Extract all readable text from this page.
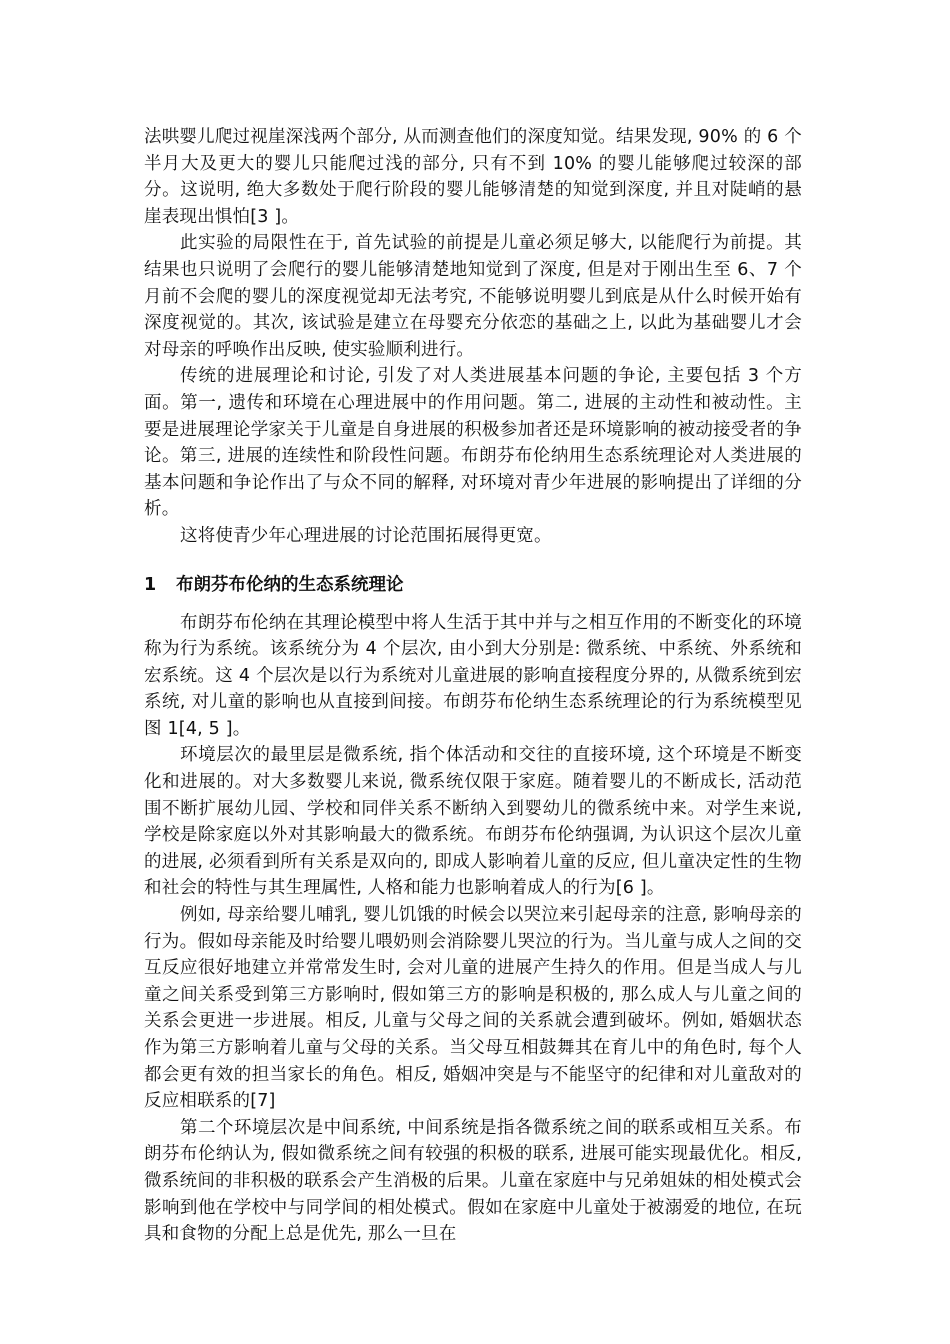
法哄婴儿爬过视崖深浅两个部分, 从而测查他们的深度知觉。结果发现, 90% 的 6 个半月大及更大的婴儿只能爬过浅的部分, 只有不到 10% 的婴儿能够爬过较深的部分。这说明, 绝大多数处于爬行阶段的婴儿能够清楚的知觉到深度, 并且对陡峭的悬崖表现出惧怕[3 ]。

此实验的局限性在于, 首先试验的前提是儿童必须足够大, 以能爬行为前提。其结果也只说明了会爬行的婴儿能够清楚地知觉到了深度, 但是对于刚出生至 6、7 个月前不会爬的婴儿的深度视觉却无法考究, 不能够说明婴儿到底是从什么时候开始有深度视觉的。其次, 该试验是建立在母婴充分依恋的基础之上, 以此为基础婴儿才会对母亲的呼唤作出反映, 使实验顺利进行。

传统的进展理论和讨论, 引发了对人类进展基本问题的争论, 主要包括 3 个方面。第一, 遗传和环境在心理进展中的作用问题。第二, 进展的主动性和被动性。主要是进展理论学家关于儿童是自身进展的积极参加者还是环境影响的被动接受者的争论。第三, 进展的连续性和阶段性问题。布朗芬布伦纳用生态系统理论对人类进展的基本问题和争论作出了与众不同的解释, 对环境对青少年进展的影响提出了详细的分析。

这将使青少年心理进展的讨论范围拓展得更宽。

1 布朗芬布伦纳的生态系统理论

布朗芬布伦纳在其理论模型中将人生活于其中并与之相互作用的不断变化的环境称为行为系统。该系统分为 4 个层次, 由小到大分别是: 微系统、中系统、外系统和宏系统。这 4 个层次是以行为系统对儿童进展的影响直接程度分界的, 从微系统到宏系统, 对儿童的影响也从直接到间接。布朗芬布伦纳生态系统理论的行为系统模型见图 1[4, 5 ]。

环境层次的最里层是微系统, 指个体活动和交往的直接环境, 这个环境是不断变化和进展的。对大多数婴儿来说, 微系统仅限于家庭。随着婴儿的不断成长, 活动范围不断扩展幼儿园、学校和同伴关系不断纳入到婴幼儿的微系统中来。对学生来说, 学校是除家庭以外对其影响最大的微系统。布朗芬布伦纳强调, 为认识这个层次儿童的进展, 必须看到所有关系是双向的, 即成人影响着儿童的反应, 但儿童决定性的生物和社会的特性与其生理属性, 人格和能力也影响着成人的行为[6 ]。

例如, 母亲给婴儿哺乳, 婴儿饥饿的时候会以哭泣来引起母亲的注意, 影响母亲的行为。假如母亲能及时给婴儿喂奶则会消除婴儿哭泣的行为。当儿童与成人之间的交互反应很好地建立并常常发生时, 会对儿童的进展产生持久的作用。但是当成人与儿童之间关系受到第三方影响时, 假如第三方的影响是积极的, 那么成人与儿童之间的关系会更进一步进展。相反, 儿童与父母之间的关系就会遭到破坏。例如, 婚姻状态作为第三方影响着儿童与父母的关系。当父母互相鼓舞其在育儿中的角色时, 每个人都会更有效的担当家长的角色。相反, 婚姻冲突是与不能坚守的纪律和对儿童敌对的反应相联系的[7]

第二个环境层次是中间系统, 中间系统是指各微系统之间的联系或相互关系。布朗芬布伦纳认为, 假如微系统之间有较强的积极的联系, 进展可能实现最优化。相反, 微系统间的非积极的联系会产生消极的后果。儿童在家庭中与兄弟姐妹的相处模式会影响到他在学校中与同学间的相处模式。假如在家庭中儿童处于被溺爱的地位, 在玩具和食物的分配上总是优先, 那么一旦在
